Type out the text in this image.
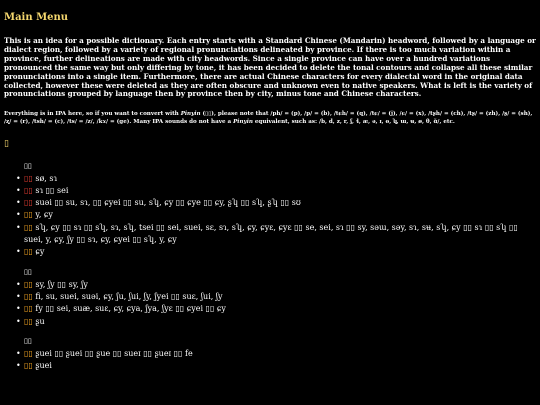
Main Menu

This is an idea for a possible dictionary. Each entry starts with a Standard Chinese (Mandarin) headword, followed by a language or dialect region, followed by a variety of regional pronunciations delineated by province. If there is too much variation within a province, further delineations are made with city headwords. Since a single province can have over a hundred variations pronounced the same way but only differing by tone, it has been decided to delete the tonal contours and collapse all these similar pronunciations into a single item. Furthermore, there are actual Chinese characters for every dialectal word in the original data collected, however these were deleted as they are often obscure and unknown even to native speakers. What is left is the variety of pronunciations grouped by language then by province then by city, minus tone and Chinese characters.

Everything is in IPA here, so if you want to convert with Pinyin (▯▯), please note that /ph/ = (p), /p/ = (b), /tɕh/ = (q), /tɕ/ = (j), /ɕ/ = (x), /tʂh/ = (ch), /tʂ/ = (zh), /ʂ/ = (sh), /ʐ/ = (r), /tsh/ = (c), /ts/ = /z/, /kɤ/ = (ge). Many IPA sounds do not have a Pinyin equivalent, such as: /b, d, z, r, ʃ, ɬ, æ, ə, ɪ, ɵ, ʮ, ɯ, ʉ, ø, θ, ɑ̃/, etc.

▯
▯▯
• ▯▯ sø, sɿ
• ▯▯ sɿ ▯▯ sei
• ▯▯ suəi ▯▯ su, sɿ, ▯▯ ɕyei ▯▯ su, sʮ, ɕy ▯▯ ɕye ▯▯ ɕy, ʂʮ ▯▯ sʮ, ʂʮ ▯▯ sʊ
• ▯▯ y, ɕy
• ▯▯ sʮ, ɕy ▯▯ sɿ ▯▯ sʮ, sɿ, sʮ, tsei ▯▯ sei, suei, sɛ, sɿ, sʮ, ɕy, ɕyɛ, ɕyɛ ▯▯ se, sei, sɿ ▯▯ sy, səɯ, səy, sɿ, sʉ, sʮ, ɕy ▯▯ sɿ ▯▯ sʮ ▯▯ suei, y, ɕy, ʃy ▯▯ sɿ, ɕy, ɕyei ▯▯ sʮ, y, ɕy
• ▯▯ ɕy
▯▯
• ▯▯ sy, ʃy ▯▯ sy, ʃy
• ▯▯ fi, su, suei, suəi, ɕy, ʃu, ʃui, ʃy, ʃyei ▯▯ suɛ, ʃui, ʃy
• ▯▯ fy ▯▯ sei, suæ, suɛ, ɕy, ɕya, ʃya, ʃyɛ ▯▯ ɕyei ▯▯ ɕy
• ▯▯ ʂu
▯▯
• ▯▯ ʂuei ▯▯ ʂuei ▯▯ ʂue ▯▯ sueɪ ▯▯ ʂueɪ ▯▯ fe
• ▯▯ ʂuei
